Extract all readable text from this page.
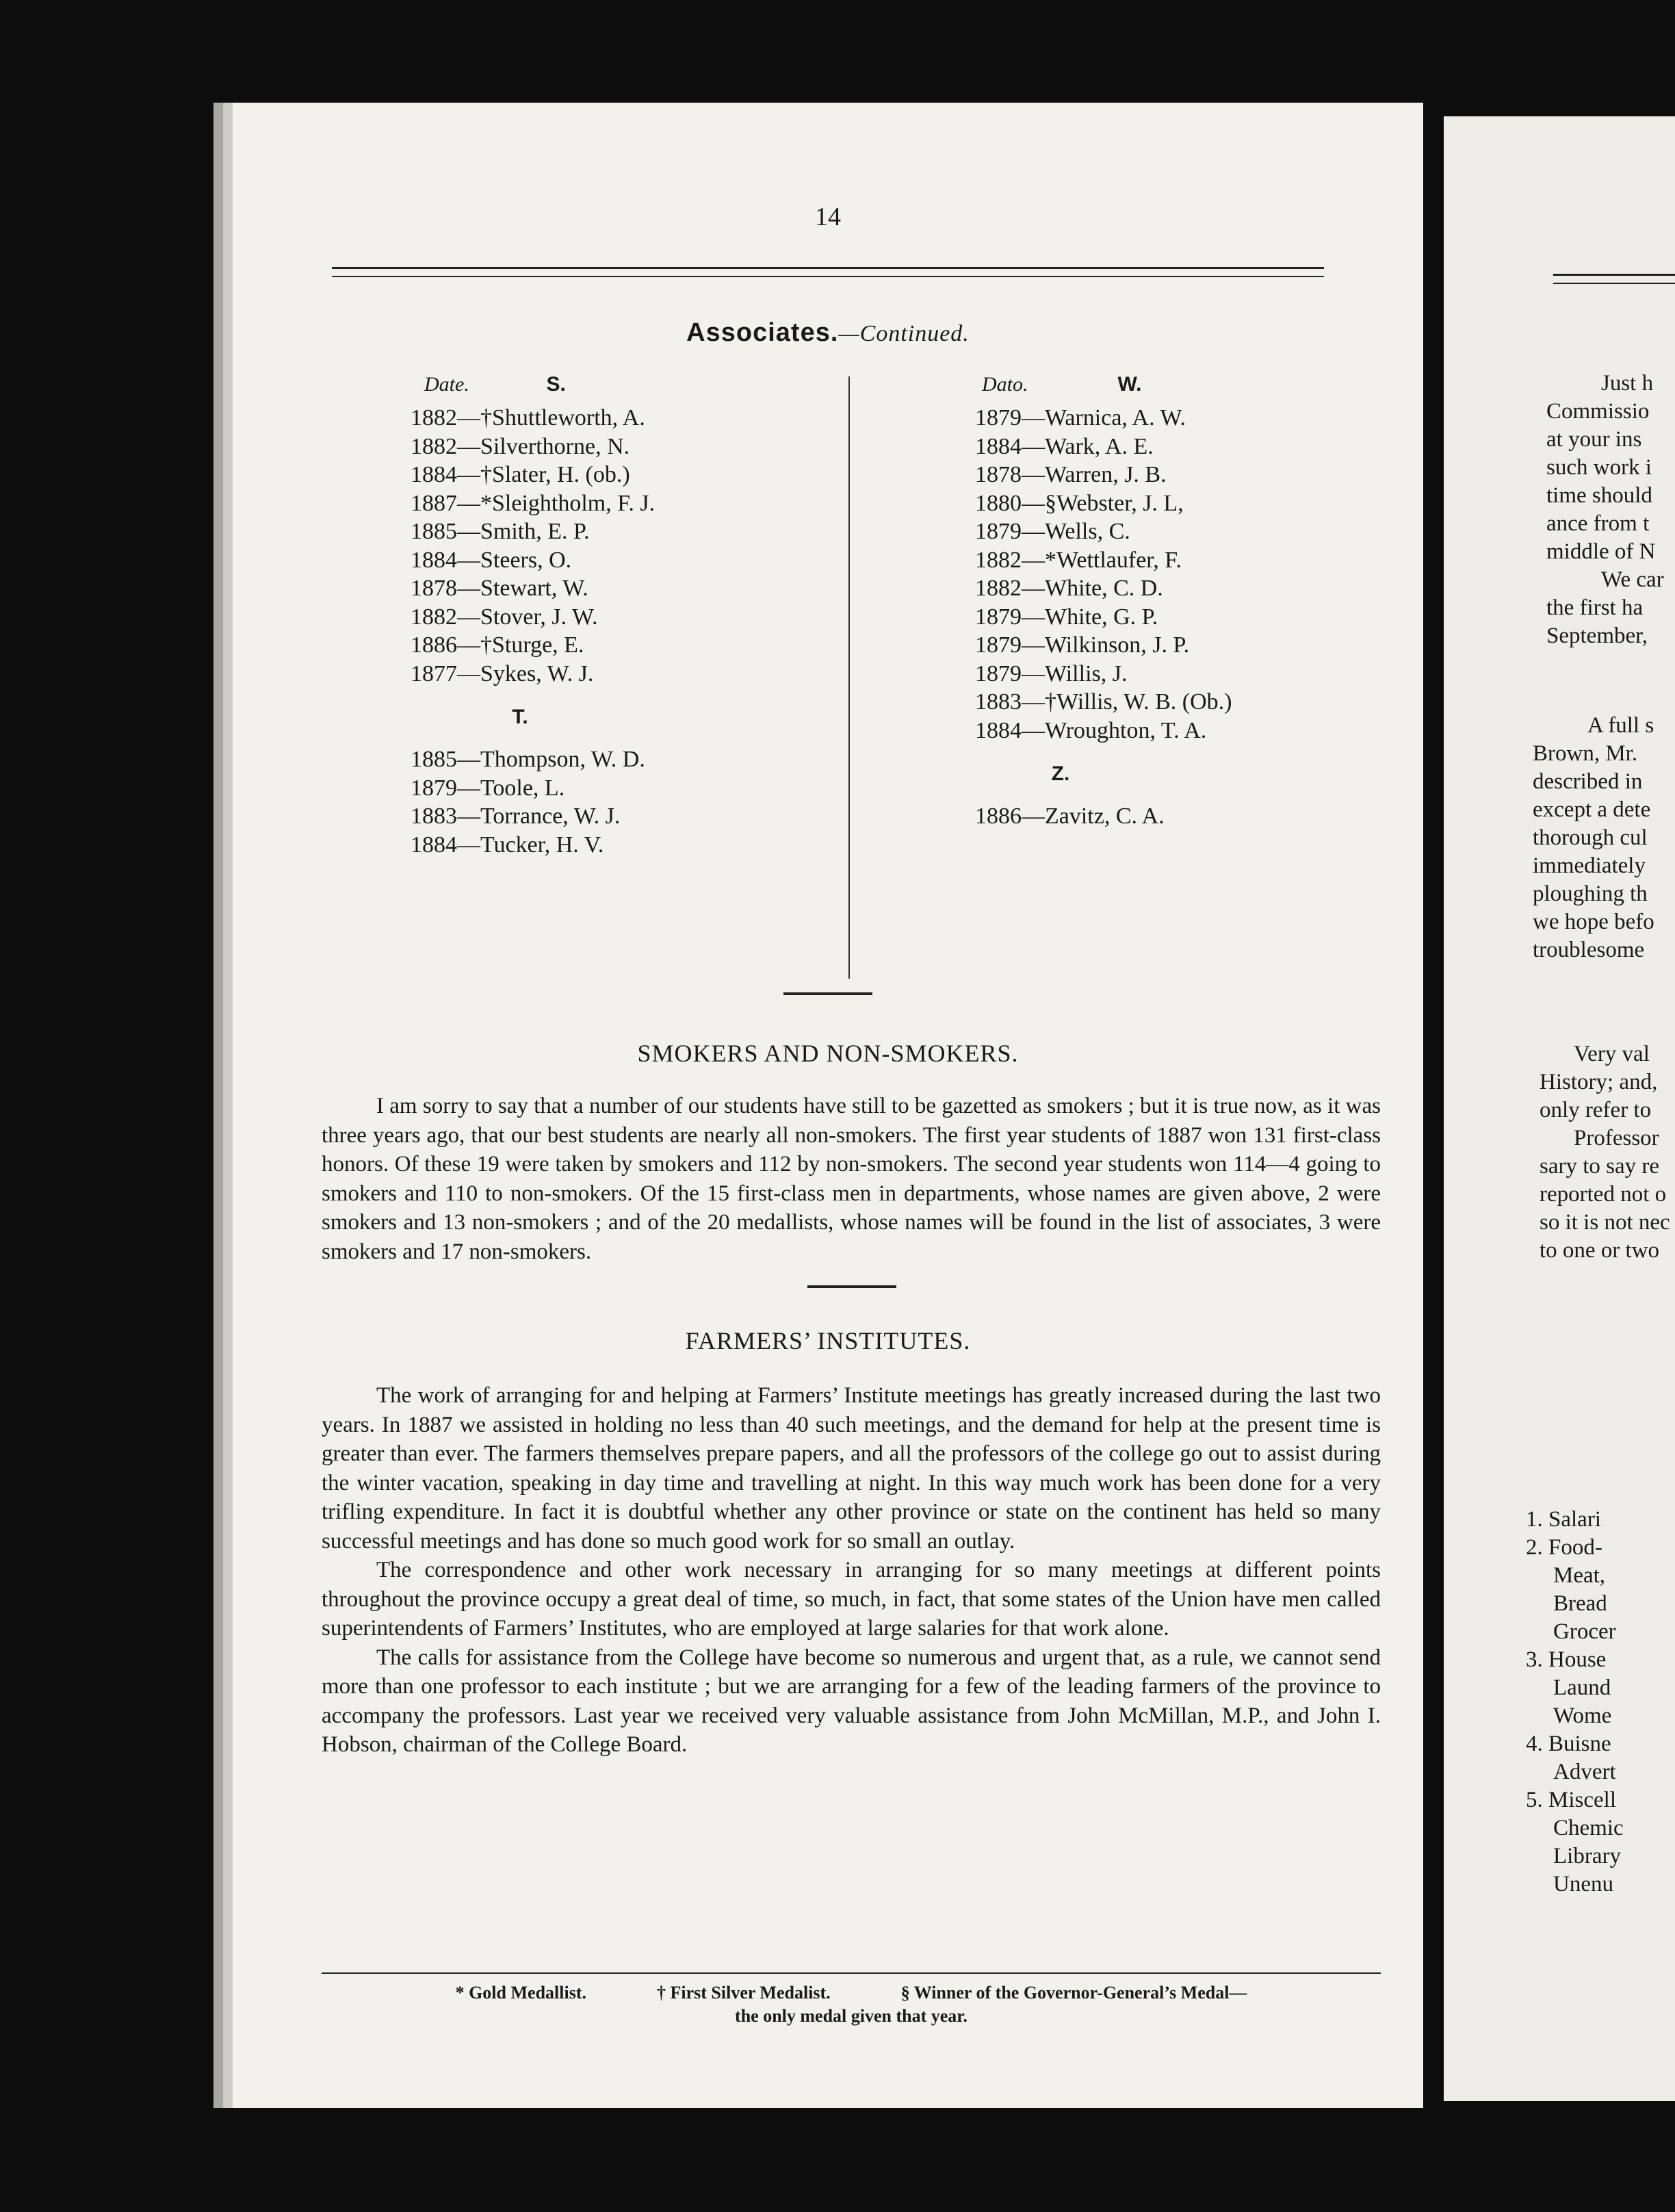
14
Associates.—Continued.
Date.	S.
1882—†Shuttleworth, A.
1882—Silverthorne, N.
1884—†Slater, H. (ob.)
1887—*Sleightholm, F. J.
1885—Smith, E. P.
1884—Steers, O.
1878—Stewart, W.
1882—Stover, J. W.
1886—†Sturge, E.
1877—Sykes, W. J.
T.
1885—Thompson, W. D.
1879—Toole, L.
1883—Torrance, W. J.
1884—Tucker, H. V.
Dato.	W.
1879—Warnica, A. W.
1884—Wark, A. E.
1878—Warren, J. B.
1880—§Webster, J. L,
1879—Wells, C.
1882—*Wettlaufer, F.
1882—White, C. D.
1879—White, G. P.
1879—Wilkinson, J. P.
1879—Willis, J.
1883—†Willis, W. B. (Ob.)
1884—Wroughton, T. A.
Z.
1886—Zavitz, C. A.
SMOKERS AND NON-SMOKERS.

I am sorry to say that a number of our students have still to be gazetted as smokers ; but it is true now, as it was three years ago, that our best students are nearly all non-smokers. The first year students of 1887 won 131 first-class honors. Of these 19 were taken by smokers and 112 by non-smokers. The second year students won 114—4 going to smokers and 110 to non-smokers. Of the 15 first-class men in departments, whose names are given above, 2 were smokers and 13 non-smokers ; and of the 20 medallists, whose names will be found in the list of associates, 3 were smokers and 17 non-smokers.

FARMERS’ INSTITUTES.

The work of arranging for and helping at Farmers’ Institute meetings has greatly increased during the last two years. In 1887 we assisted in holding no less than 40 such meetings, and the demand for help at the present time is greater than ever. The farmers themselves prepare papers, and all the professors of the college go out to assist during the winter vacation, speaking in day time and travelling at night. In this way much work has been done for a very trifling expenditure. In fact it is doubtful whether any other province or state on the continent has held so many successful meetings and has done so much good work for so small an outlay.

The correspondence and other work necessary in arranging for so many meetings at different points throughout the province occupy a great deal of time, so much, in fact, that some states of the Union have men called superintendents of Farmers’ Institutes, who are employed at large salaries for that work alone.

The calls for assistance from the College have become so numerous and urgent that, as a rule, we cannot send more than one professor to each institute ; but we are arranging for a few of the leading farmers of the province to accompany the professors. Last year we received very valuable assistance from John McMillan, M.P., and John I. Hobson, chairman of the College Board.

* Gold Medallist.	† First Silver Medalist.	§ Winner of the Governor-General’s Medal—
the only medal given that year.
Just h
Commissio
at your ins
such work i
time should
ance from t
middle of N
We car
the first ha
September,
A full s
Brown, Mr.
described in
except a dete
thorough cul
immediately
ploughing th
we hope befo
troublesome
Very val
History; and,
only refer to
Professor
sary to say re
reported not o
so it is not nec
to one or two
1. Salari
2. Food-
Meat,
Bread
Grocer
3. House
Laund
Wome
4. Buisne
Advert
5. Miscell
Chemic
Library
Unenu
